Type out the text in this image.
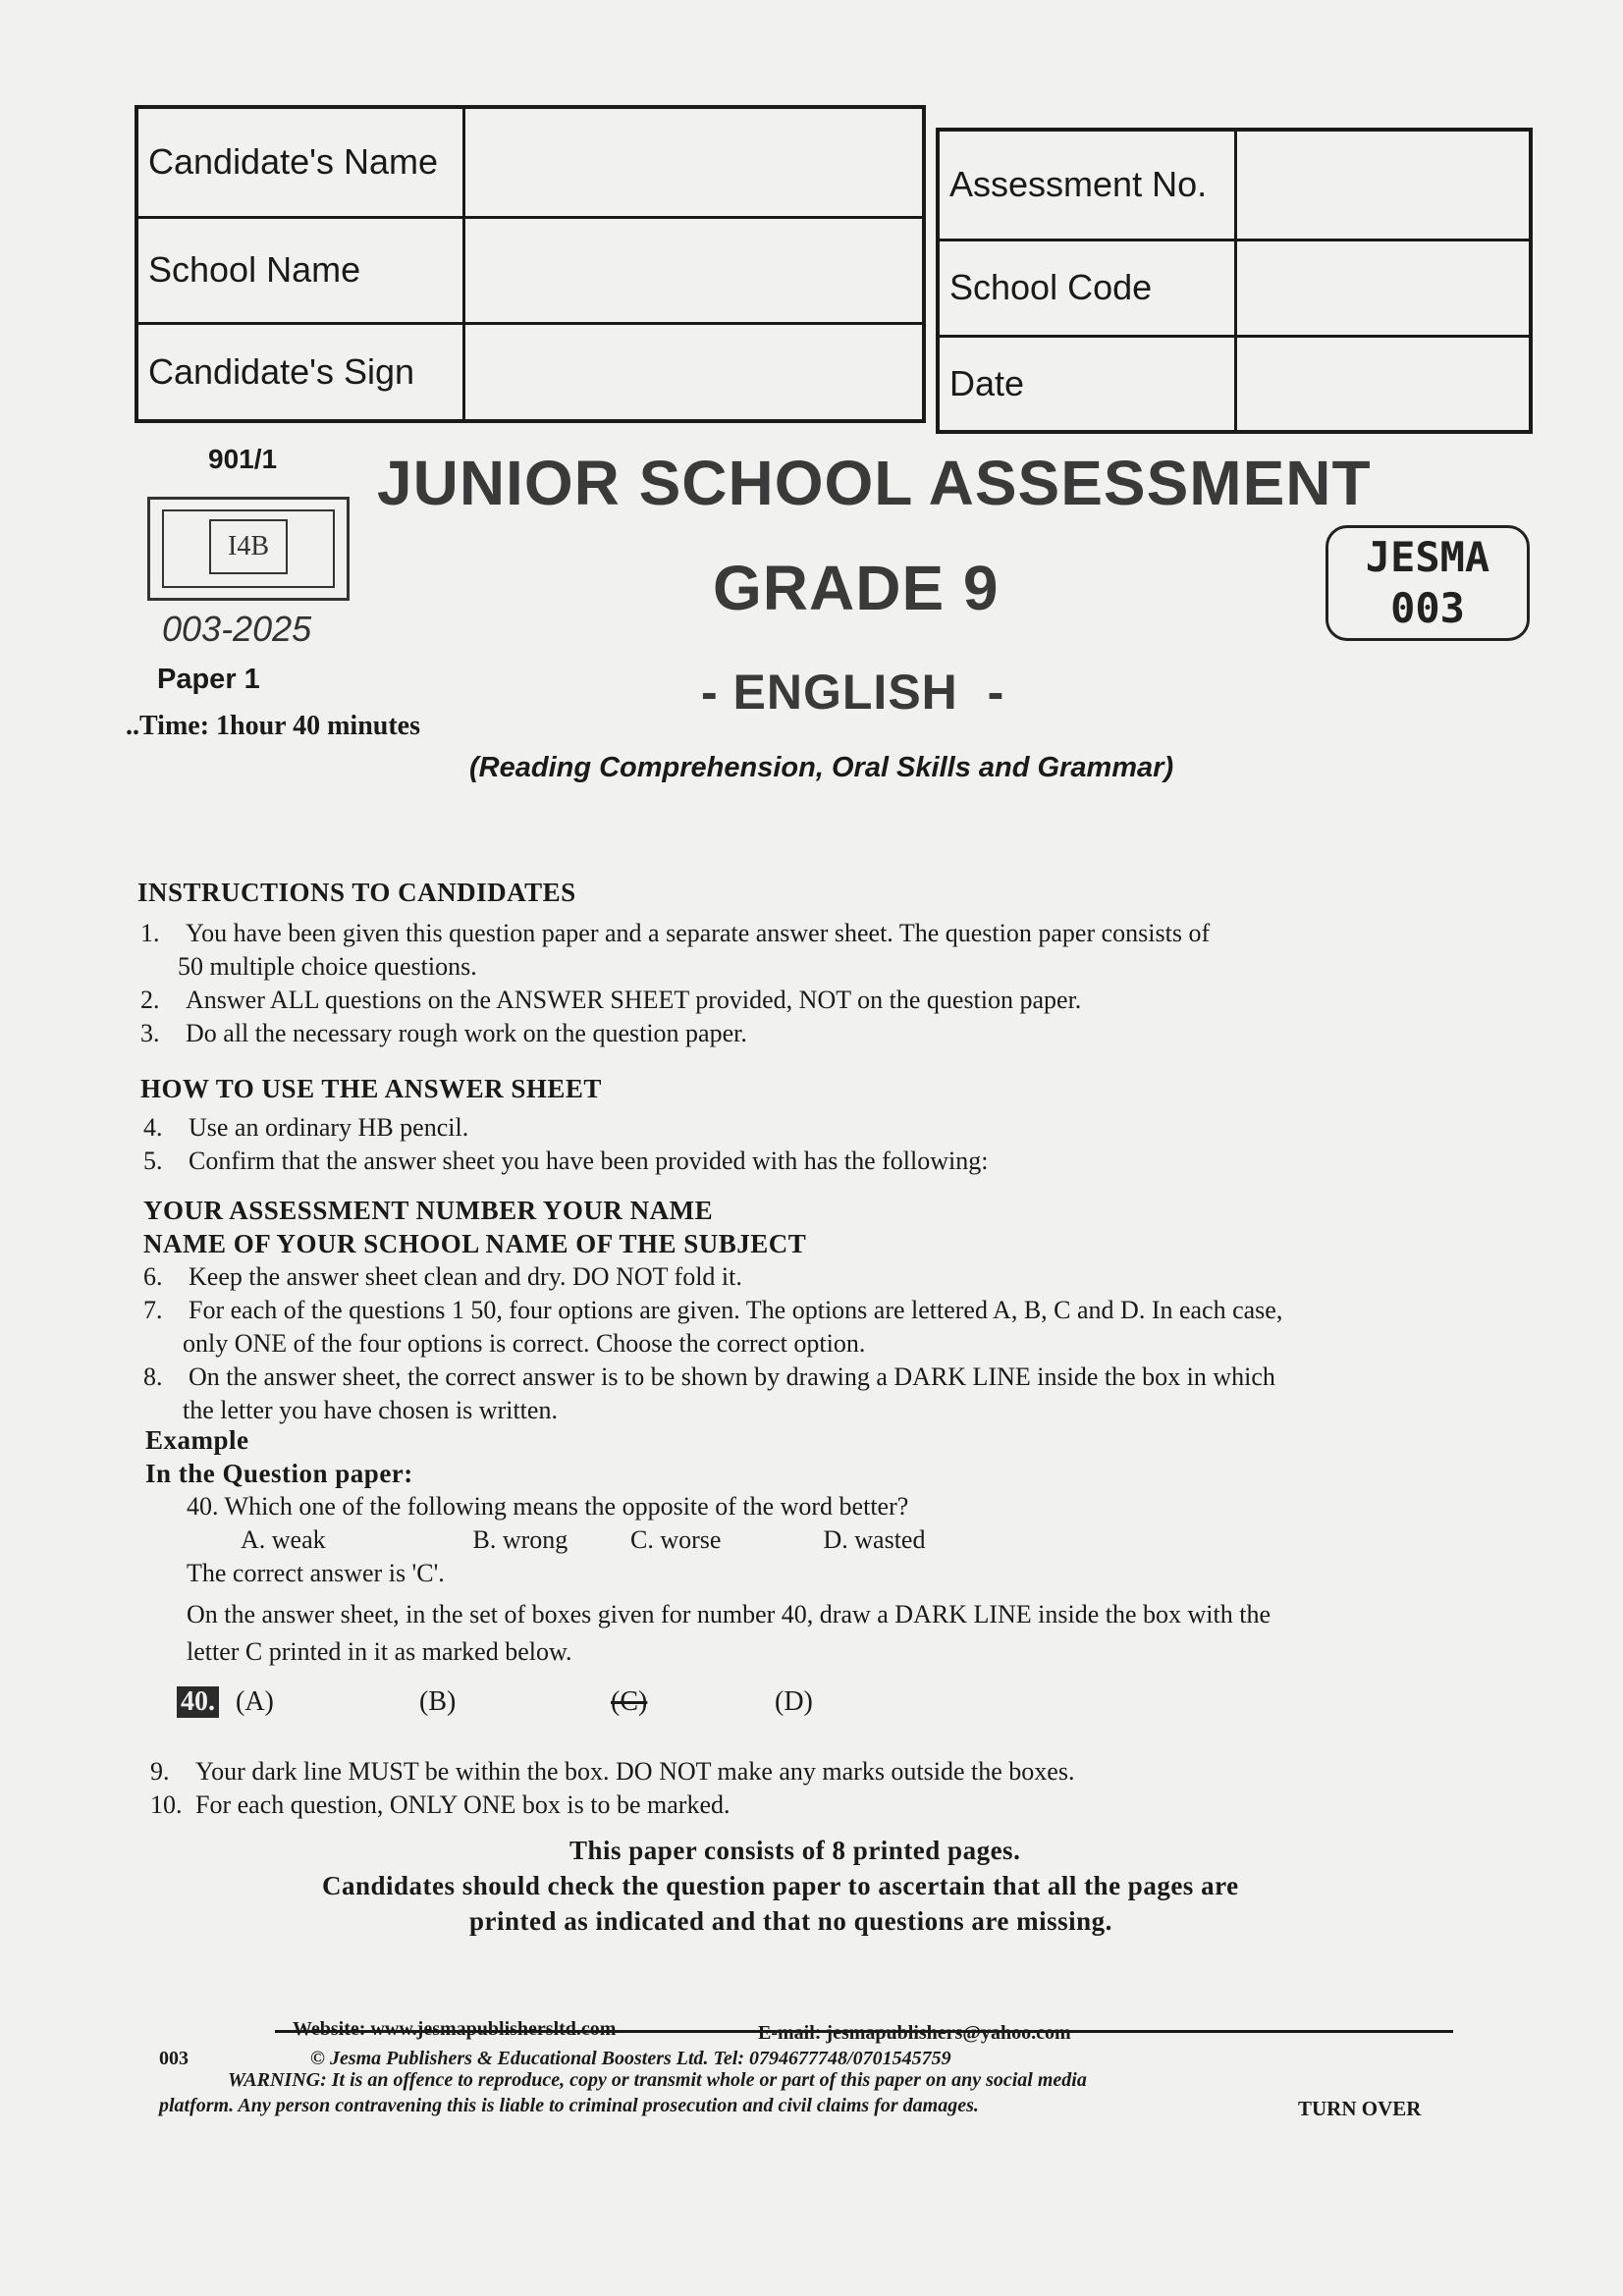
Candidate's Name	
School Name	
Candidate's Sign	
Assessment No.	
School Code	
Date	
901/1
I4B
003-2025
JUNIOR SCHOOL ASSESSMENT
GRADE 9	JESMA
003
Paper 1	- ENGLISH  -
..Time: 1hour 40 minutes
(Reading Comprehension, Oral Skills and Grammar)
INSTRUCTIONS TO CANDIDATES
1. You have been given this question paper and a separate answer sheet. The question paper consists of
50 multiple choice questions.
2. Answer ALL questions on the ANSWER SHEET provided, NOT on the question paper.
3. Do all the necessary rough work on the question paper.
HOW TO USE THE ANSWER SHEET
4. Use an ordinary HB pencil.
5. Confirm that the answer sheet you have been provided with has the following:
YOUR ASSESSMENT NUMBER YOUR NAME
NAME OF YOUR SCHOOL NAME OF THE SUBJECT
6. Keep the answer sheet clean and dry. DO NOT fold it.
7. For each of the questions 1 50, four options are given. The options are lettered A, B, C and D. In each case,
only ONE of the four options is correct. Choose the correct option.
8. On the answer sheet, the correct answer is to be shown by drawing a DARK LINE inside the box in which
the letter you have chosen is written.
Example
In the Question paper:
40. Which one of the following means the opposite of the word better?
A. weak	B. wrong C. worse	D. wasted
The correct answer is 'C'.
On the answer sheet, in the set of boxes given for number 40, draw a DARK LINE inside the box with the
letter C printed in it as marked below.
40. (A)	(B)	(C)	(D)
9. Your dark line MUST be within the box. DO NOT make any marks outside the boxes.
10. For each question, ONLY ONE box is to be marked.
This paper consists of 8 printed pages.
Candidates should check the question paper to ascertain that all the pages are
printed as indicated and that no questions are missing.
Website: www.jesmapublishersltd.com	E-mail: jesmapublishers@yahoo.com
003	© Jesma Publishers & Educational Boosters Ltd. Tel: 0794677748/0701545759
WARNING: It is an offence to reproduce, copy or transmit whole or part of this paper on any social media
platform. Any person contravening this is liable to criminal prosecution and civil claims for damages.	TURN OVER
